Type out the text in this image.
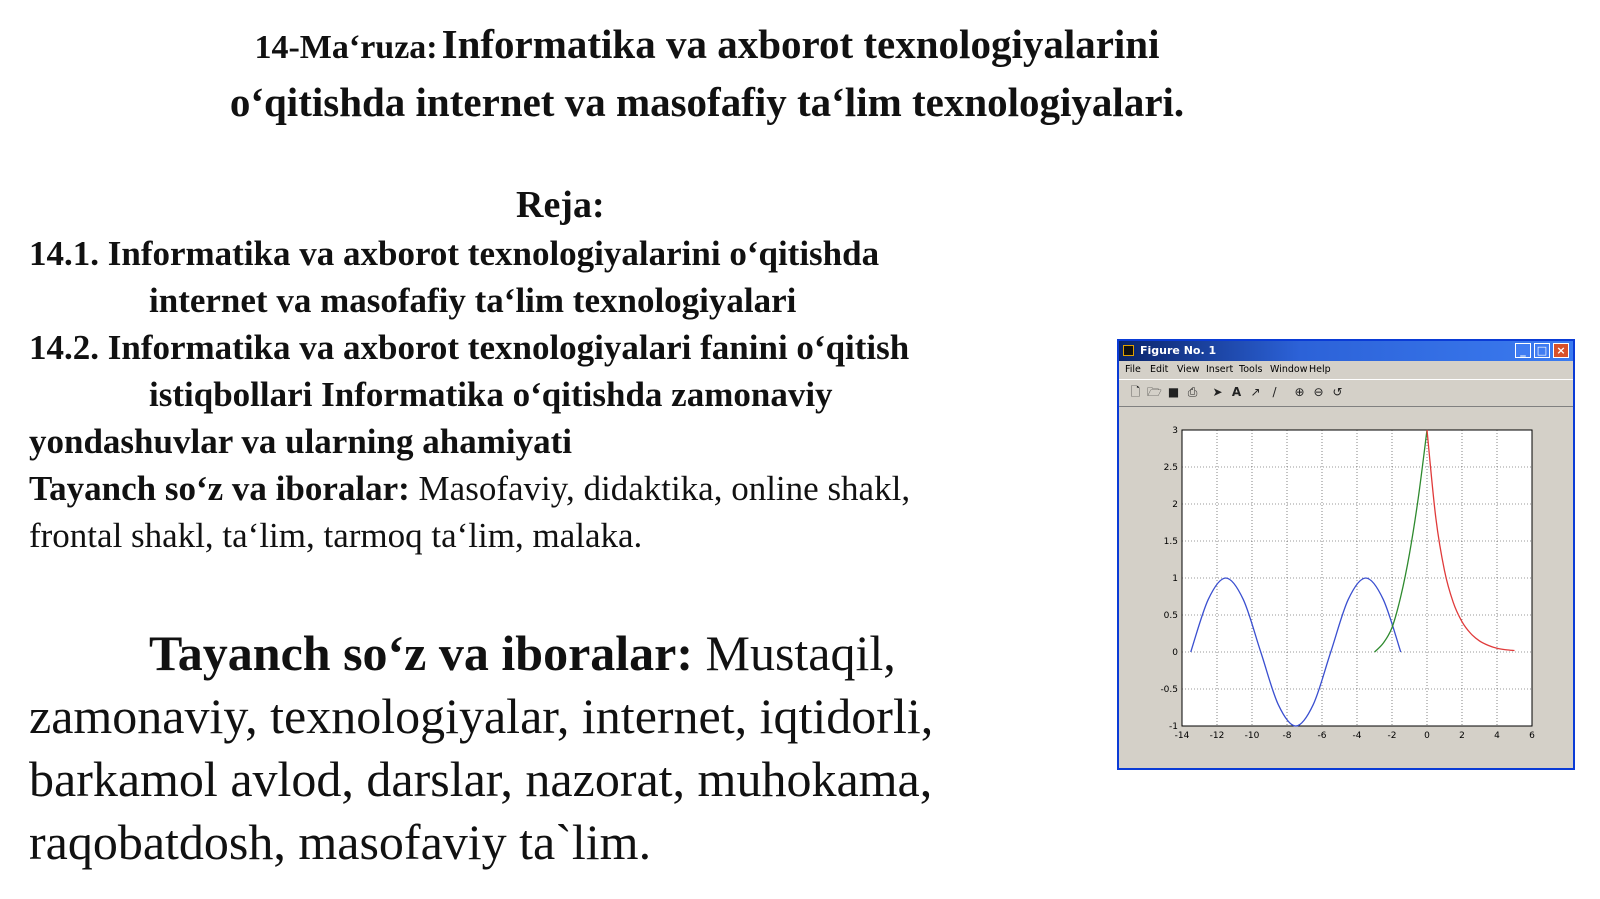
14-Ma‘ruza: Informatika va axborot texnologiyalarini
o‘qitishda internet va masofafiy ta‘lim texnologiyalari.
Reja:
14.1. Informatika va axborot texnologiyalarini o‘qitishda
internet va masofafiy ta‘lim texnologiyalari
14.2. Informatika va axborot texnologiyalari fanini o‘qitish
istiqbollari Informatika o‘qitishda zamonaviy
yondashuvlar va ularning ahamiyati
Tayanch so‘z va iboralar: Masofaviy, didaktika, online shakl,
frontal shakl, ta‘lim, tarmoq ta‘lim, malaka.
Tayanch so‘z va iboralar: Mustaqil,
zamonaviy, texnologiyalar, internet, iqtidorli,
barkamol avlod, darslar, nazorat, muhokama,
raqobatdosh, masofaviy ta`lim.
Figure No. 1	_	□ ×
File Edit View Insert Tools Window Help
🗋 🗁 ■ ⎙	➤ A ↗ /	⊕ ⊖ ↺
-14 -12 -10	-8	-6	-4	-2	0	2	4	6
-1
-0.5
0
0.5
1
1.5
2
2.5
3
